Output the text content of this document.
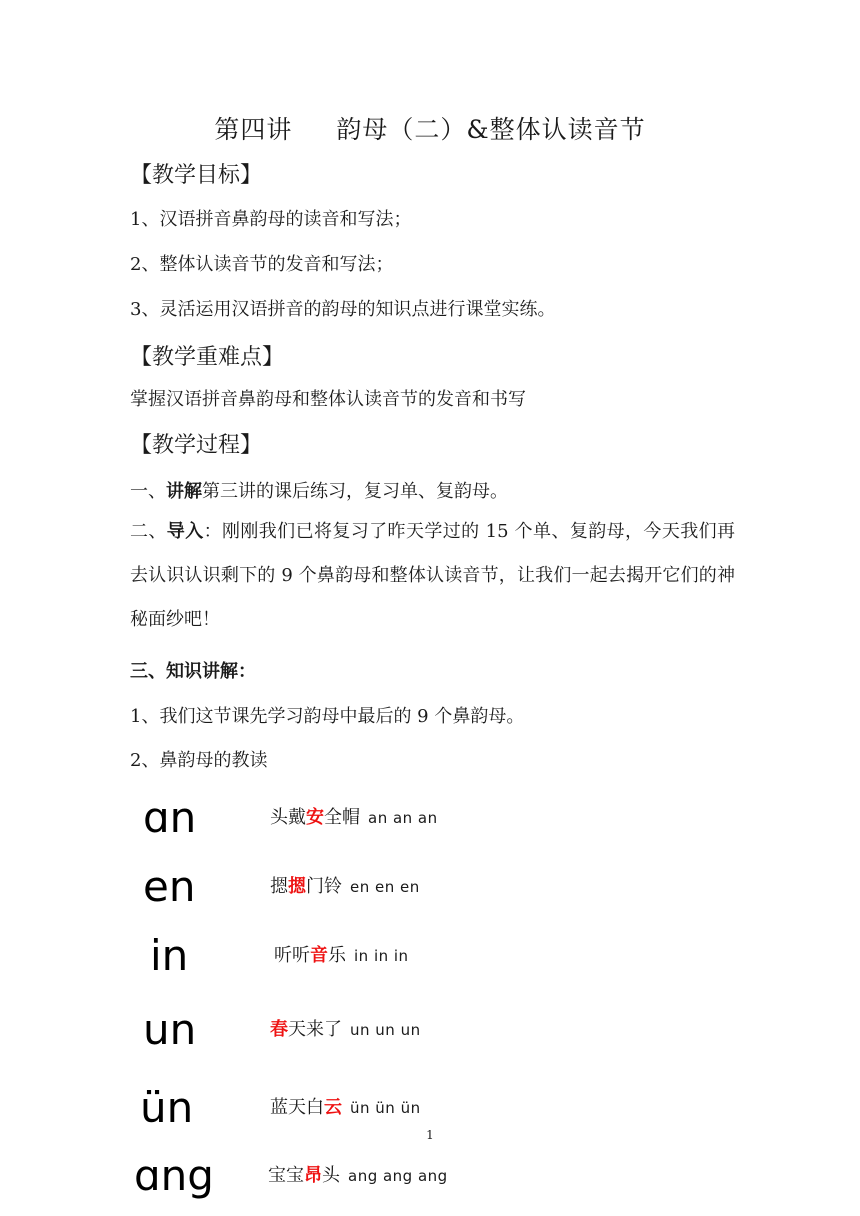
第四讲 韵母（二）&整体认读音节
【教学目标】
1、汉语拼音鼻韵母的读音和写法；
2、整体认读音节的发音和写法；
3、灵活运用汉语拼音的韵母的知识点进行课堂实练。
【教学重难点】
掌握汉语拼音鼻韵母和整体认读音节的发音和书写
【教学过程】
一、讲解第三讲的课后练习，复习单、复韵母。
二、导入：刚刚我们已将复习了昨天学过的 15 个单、复韵母，今天我们再去认识认识剩下的 9 个鼻韵母和整体认读音节，让我们一起去揭开它们的神秘面纱吧！
三、知识讲解：
1、我们这节课先学习韵母中最后的 9 个鼻韵母。
2、鼻韵母的教读
ɑn	头戴安全帽 an an an
en	摁摁门铃 en en en
in	听听音乐 in in in
un	春天来了 un un un
ün	蓝天白云 ün ün ün
1
ɑng	宝宝昂头 ang ang ang
